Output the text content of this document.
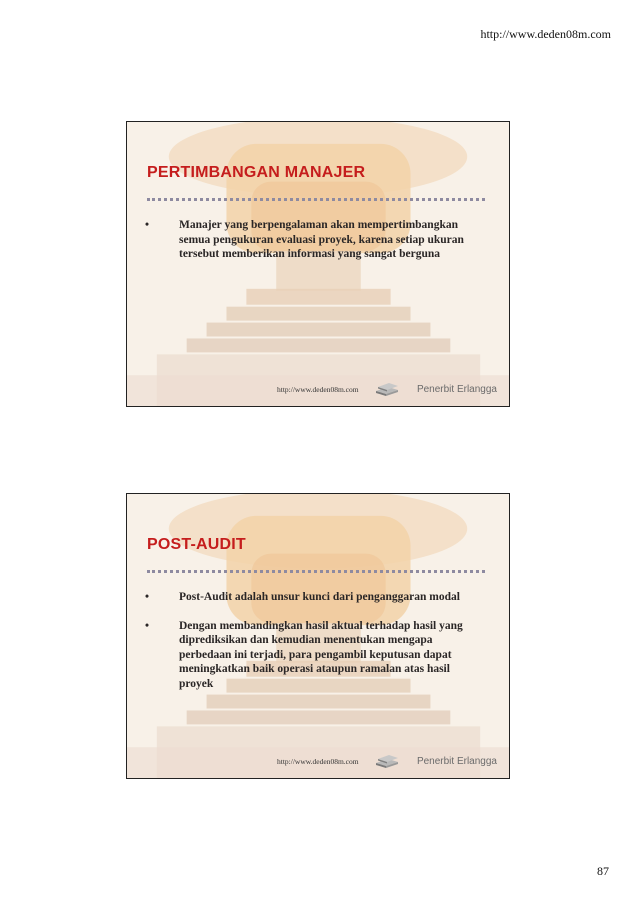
http://www.deden08m.com
PERTIMBANGAN MANAJER
•	Manajer yang berpengalaman akan mempertimbangkan semua pengukuran evaluasi proyek, karena setiap ukuran tersebut memberikan informasi yang sangat berguna
http://www.deden08m.com	Penerbit Erlangga
POST-AUDIT
•	Post-Audit adalah unsur kunci dari penganggaran modal
•	Dengan membandingkan hasil aktual terhadap hasil yang diprediksikan dan kemudian menentukan mengapa perbedaan ini terjadi, para pengambil keputusan dapat meningkatkan baik operasi ataupun ramalan atas hasil proyek
http://www.deden08m.com	Penerbit Erlangga
87
